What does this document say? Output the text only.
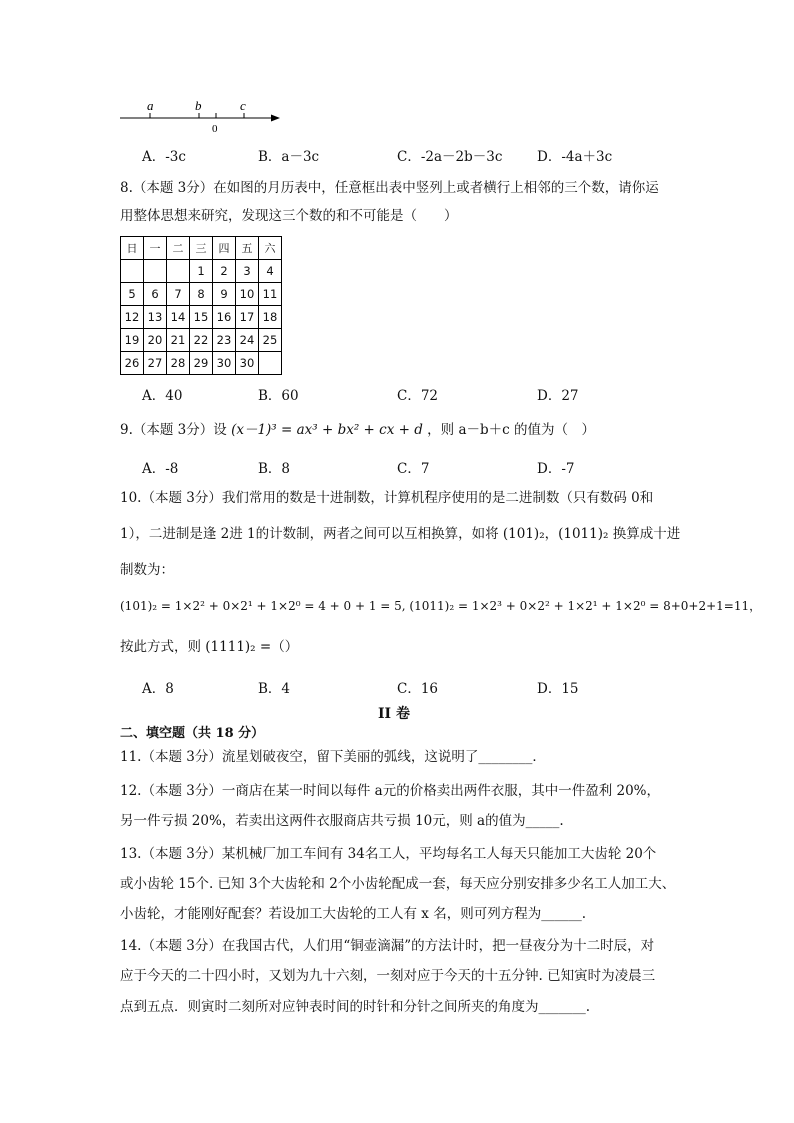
a	b	c
0
A．-3c	B．a－3c	C．-2a－2b－3c	D．-4a＋3c
8.（本题 3分）在如图的月历表中，任意框出表中竖列上或者横行上相邻的三个数，请你运
用整体思想来研究，发现这三个数的和不可能是（　　）
日	一	二	三	四	五	六
			1	2	3	4
5	6	7	8	9	10	11
12	13	14	15	16	17	18
19	20	21	22	23	24	25
26	27	28	29	30	30	
A．40	B．60	C．72	D．27
9.（本题 3分）设 (x－1)³ = ax³ + bx² + cx + d ，则 a－b＋c 的值为（　）
A．-8	B．8	C．7	D．-7
10.（本题 3分）我们常用的数是十进制数，计算机程序使用的是二进制数（只有数码 0和
1），二进制是逢 2进 1的计数制，两者之间可以互相换算，如将 (101)₂，(1011)₂ 换算成十进
制数为：
(101)₂ = 1×2² + 0×2¹ + 1×2⁰ = 4 + 0 + 1 = 5, (1011)₂ = 1×2³ + 0×2² + 1×2¹ + 1×2⁰ = 8+0+2+1=11，
按此方式，则 (1111)₂ =（）
A．8	B．4	C．16	D．15
II 卷
二、填空题（共 18 分）
11.（本题 3分）流星划破夜空，留下美丽的弧线，这说明了________．
12.（本题 3分）一商店在某一时间以每件 a元的价格卖出两件衣服，其中一件盈利 20%，
另一件亏损 20%，若卖出这两件衣服商店共亏损 10元，则 a的值为_____.
13.（本题 3分）某机械厂加工车间有 34名工人，平均每名工人每天只能加工大齿轮 20个
或小齿轮 15个. 已知 3个大齿轮和 2个小齿轮配成一套，每天应分别安排多少名工人加工大、
小齿轮，才能刚好配套？若设加工大齿轮的工人有 x 名，则可列方程为______.
14.（本题 3分）在我国古代，人们用“铜壶滴漏”的方法计时，把一昼夜分为十二时辰，对
应于今天的二十四小时，又划为九十六刻，一刻对应于今天的十五分钟. 已知寅时为凌晨三
点到五点．则寅时二刻所对应钟表时间的时针和分针之间所夹的角度为_______.
